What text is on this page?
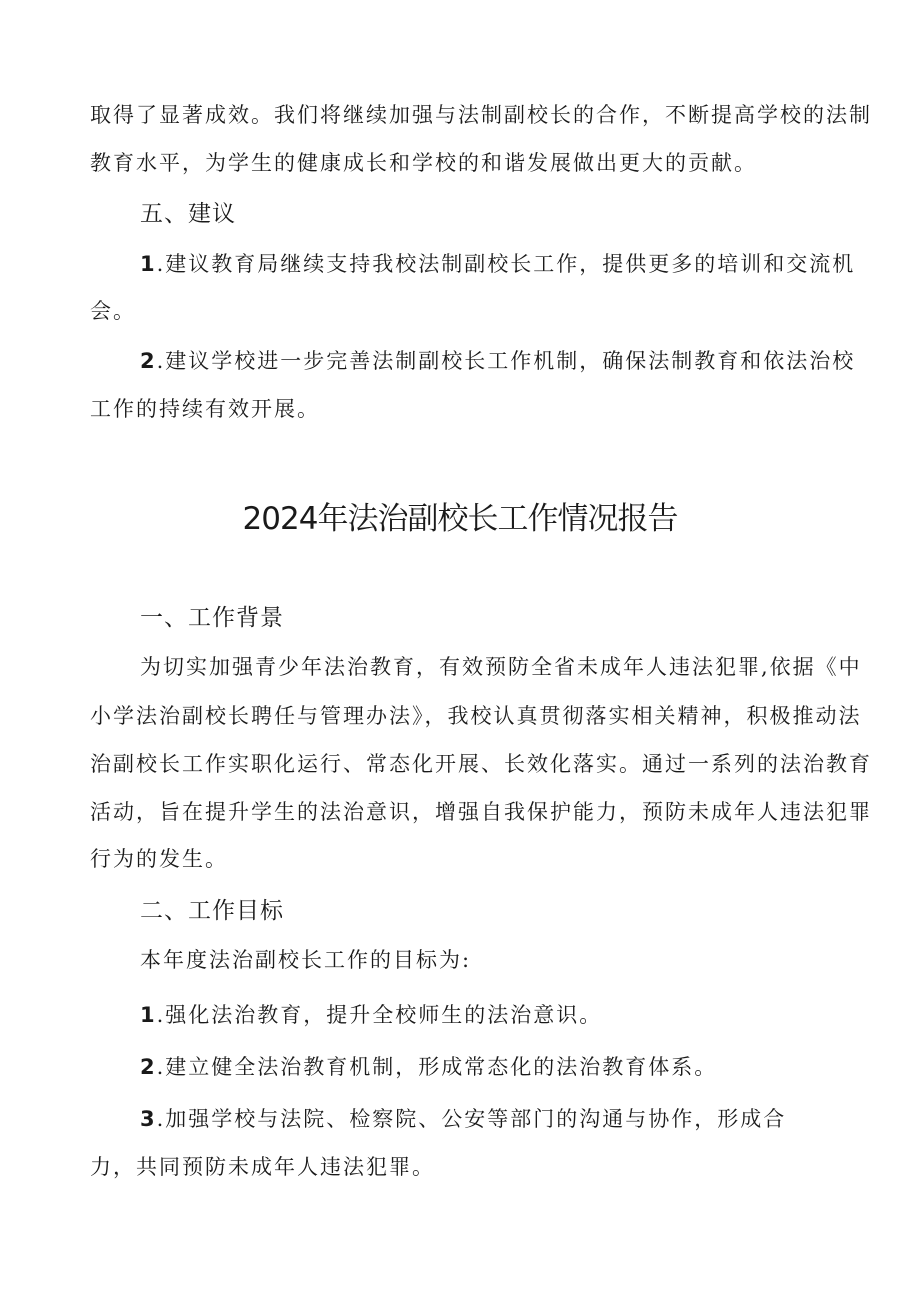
取得了显著成效。我们将继续加强与法制副校长的合作，不断提高学校的法制
教育水平，为学生的健康成长和学校的和谐发展做出更大的贡献。
五、建议
1.建议教育局继续支持我校法制副校长工作，提供更多的培训和交流机
会。
2.建议学校进一步完善法制副校长工作机制，确保法制教育和依法治校
工作的持续有效开展。
2024年法治副校长工作情况报告
一、工作背景
为切实加强青少年法治教育，有效预防全省未成年人违法犯罪,依据《中
小学法治副校长聘任与管理办法》，我校认真贯彻落实相关精神，积极推动法
治副校长工作实职化运行、常态化开展、长效化落实。通过一系列的法治教育
活动，旨在提升学生的法治意识，增强自我保护能力，预防未成年人违法犯罪
行为的发生。
二、工作目标
本年度法治副校长工作的目标为:
1.强化法治教育，提升全校师生的法治意识。
2.建立健全法治教育机制，形成常态化的法治教育体系。
3.加强学校与法院、检察院、公安等部门的沟通与协作，形成合
力，共同预防未成年人违法犯罪。
